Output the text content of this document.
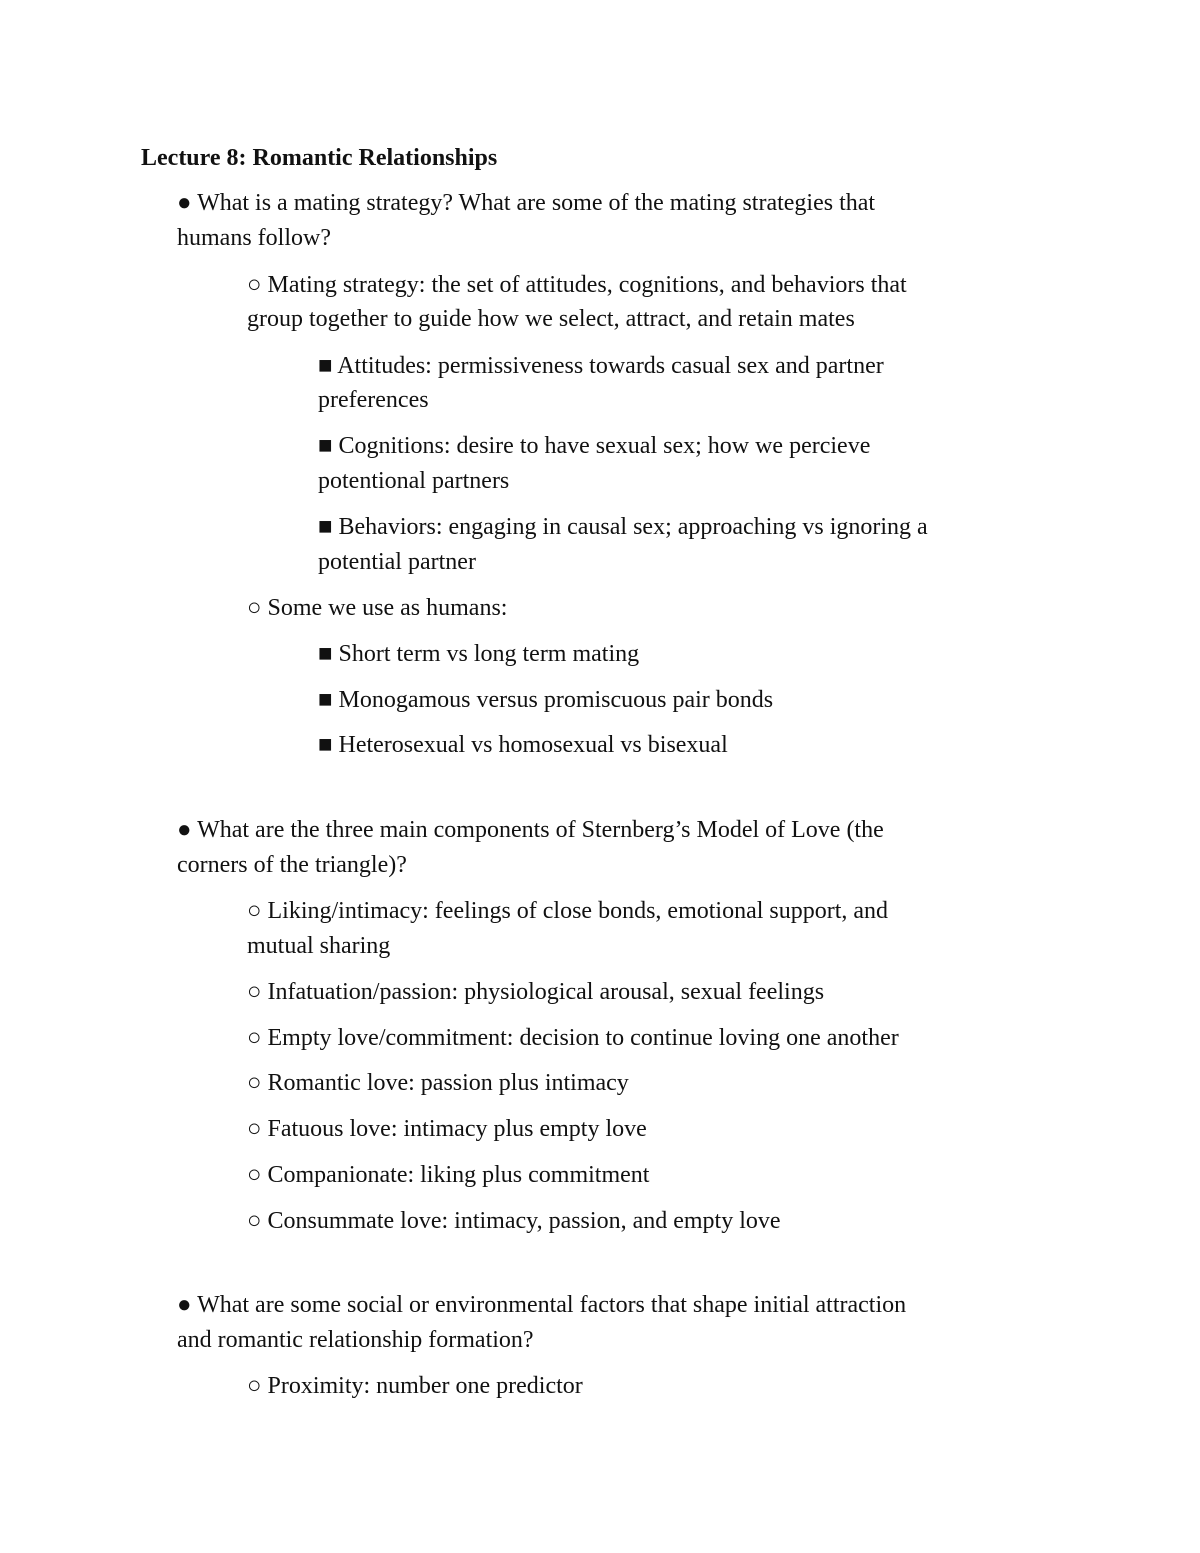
Lecture 8: Romantic Relationships
● What is a mating strategy? What are some of the mating strategies that
humans follow?
○ Mating strategy: the set of attitudes, cognitions, and behaviors that
group together to guide how we select, attract, and retain mates
■ Attitudes: permissiveness towards casual sex and partner
preferences
■ Cognitions: desire to have sexual sex; how we percieve
potentional partners
■ Behaviors: engaging in causal sex; approaching vs ignoring a
potential partner
○ Some we use as humans:
■ Short term vs long term mating
■ Monogamous versus promiscuous pair bonds
■ Heterosexual vs homosexual vs bisexual
● What are the three main components of Sternberg’s Model of Love (the
corners of the triangle)?
○ Liking/intimacy: feelings of close bonds, emotional support, and
mutual sharing
○ Infatuation/passion: physiological arousal, sexual feelings
○ Empty love/commitment: decision to continue loving one another
○ Romantic love: passion plus intimacy
○ Fatuous love: intimacy plus empty love
○ Companionate: liking plus commitment
○ Consummate love: intimacy, passion, and empty love
● What are some social or environmental factors that shape initial attraction
and romantic relationship formation?
○ Proximity: number one predictor
